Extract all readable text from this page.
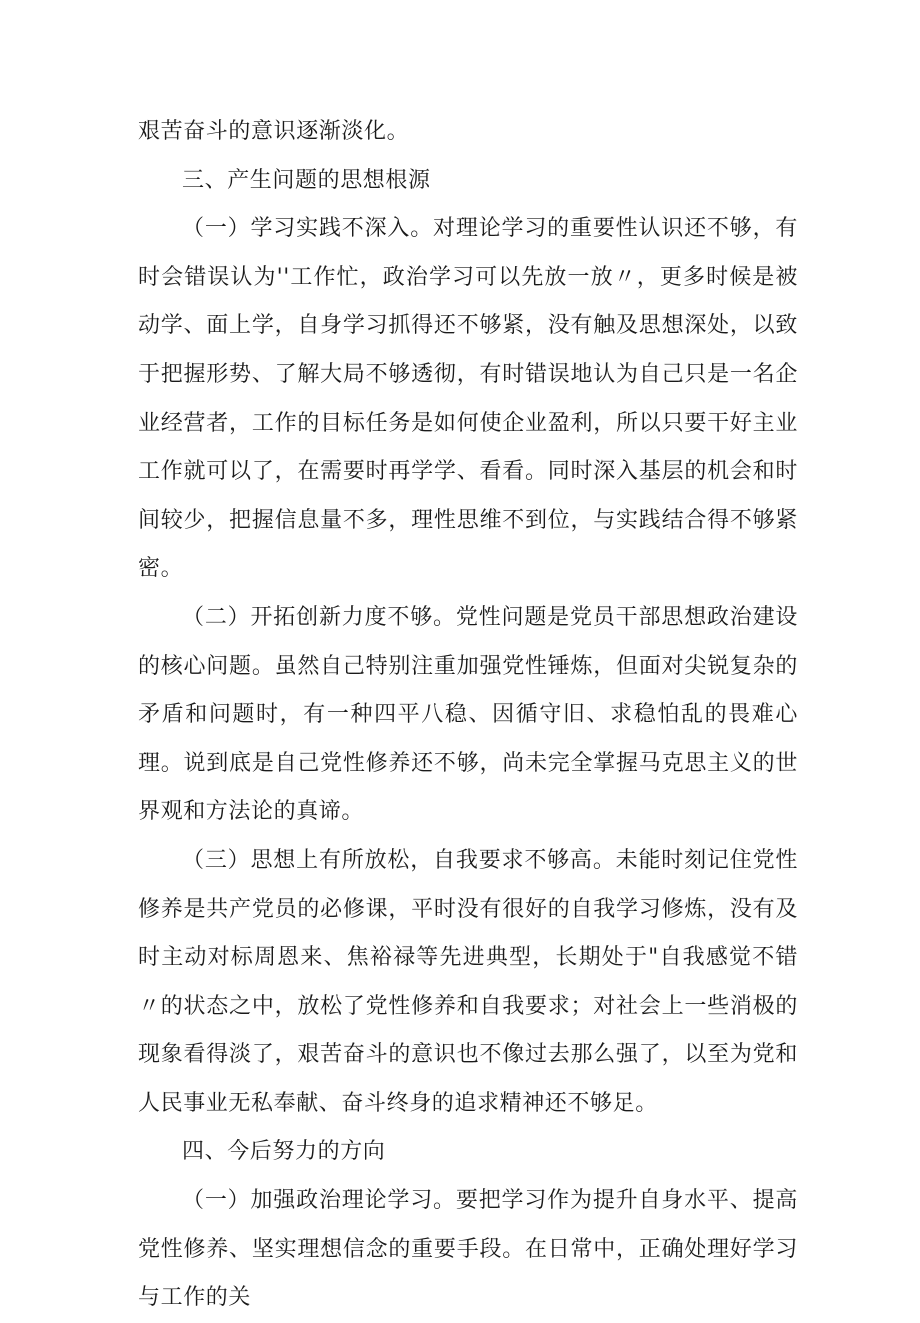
艰苦奋斗的意识逐渐淡化。

三、产生问题的思想根源

（一）学习实践不深入。对理论学习的重要性认识还不够，有时会错误认为''工作忙，政治学习可以先放一放〃，更多时候是被动学、面上学，自身学习抓得还不够紧，没有触及思想深处，以致于把握形势、了解大局不够透彻，有时错误地认为自己只是一名企业经营者，工作的目标任务是如何使企业盈利，所以只要干好主业工作就可以了，在需要时再学学、看看。同时深入基层的机会和时间较少，把握信息量不多，理性思维不到位，与实践结合得不够紧密。

（二）开拓创新力度不够。党性问题是党员干部思想政治建设的核心问题。虽然自己特别注重加强党性锤炼，但面对尖锐复杂的矛盾和问题时，有一种四平八稳、因循守旧、求稳怕乱的畏难心理。说到底是自己党性修养还不够，尚未完全掌握马克思主义的世界观和方法论的真谛。

（三）思想上有所放松，自我要求不够高。未能时刻记住党性修养是共产党员的必修课，平时没有很好的自我学习修炼，没有及时主动对标周恩来、焦裕禄等先进典型，长期处于"自我感觉不错〃的状态之中，放松了党性修养和自我要求；对社会上一些消极的现象看得淡了，艰苦奋斗的意识也不像过去那么强了，以至为党和人民事业无私奉献、奋斗终身的追求精神还不够足。

四、今后努力的方向

（一）加强政治理论学习。要把学习作为提升自身水平、提高党性修养、坚实理想信念的重要手段。在日常中，正确处理好学习与工作的关
